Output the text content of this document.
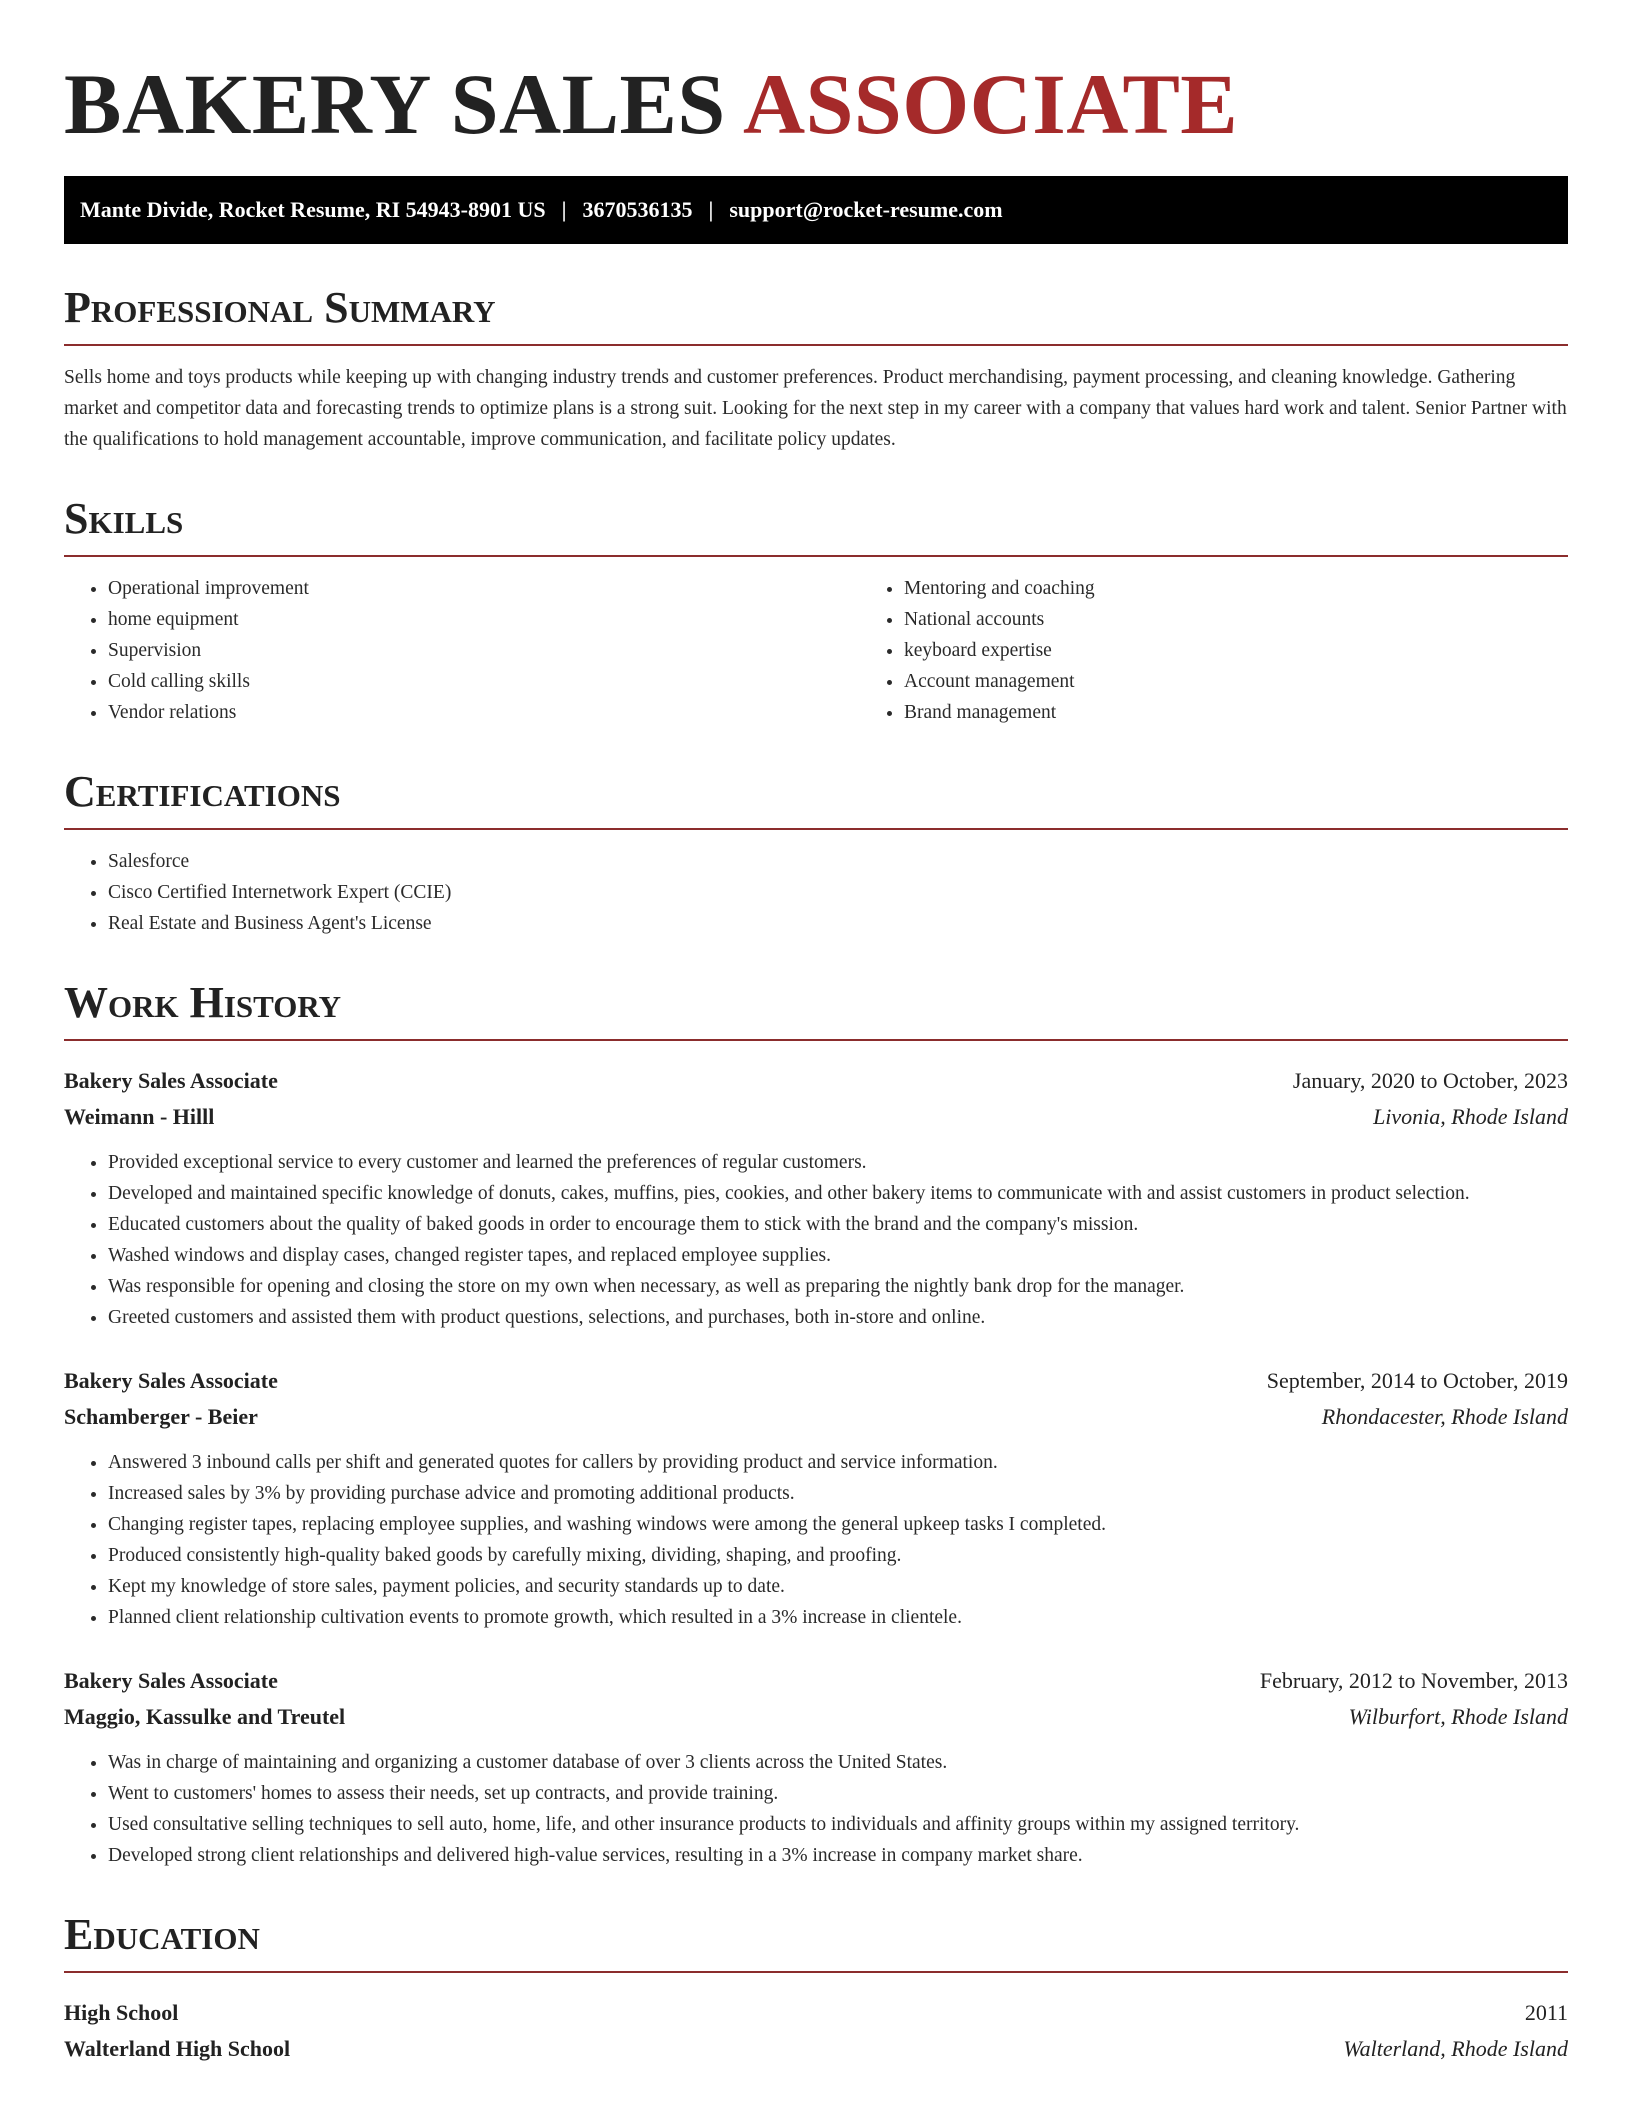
BAKERY SALES ASSOCIATE
Mante Divide, Rocket Resume, RI 54943-8901 US | 3670536135 | support@rocket-resume.com
Professional Summary

Sells home and toys products while keeping up with changing industry trends and customer preferences. Product merchandising, payment processing, and cleaning knowledge. Gathering market and competitor data and forecasting trends to optimize plans is a strong suit. Looking for the next step in my career with a company that values hard work and talent. Senior Partner with the qualifications to hold management accountable, improve communication, and facilitate policy updates.

Skills
• Operational improvement
• home equipment
• Supervision
• Cold calling skills
• Vendor relations
• Mentoring and coaching
• National accounts
• keyboard expertise
• Account management
• Brand management
Certifications
• Salesforce
• Cisco Certified Internetwork Expert (CCIE)
• Real Estate and Business Agent's License
Work History
Bakery Sales Associate	January, 2020 to October, 2023
Weimann - Hilll	Livonia, Rhode Island
• Provided exceptional service to every customer and learned the preferences of regular customers.
• Developed and maintained specific knowledge of donuts, cakes, muffins, pies, cookies, and other bakery items to communicate with and assist customers in product selection.
• Educated customers about the quality of baked goods in order to encourage them to stick with the brand and the company's mission.
• Washed windows and display cases, changed register tapes, and replaced employee supplies.
• Was responsible for opening and closing the store on my own when necessary, as well as preparing the nightly bank drop for the manager.
• Greeted customers and assisted them with product questions, selections, and purchases, both in-store and online.
Bakery Sales Associate	September, 2014 to October, 2019
Schamberger - Beier	Rhondacester, Rhode Island
• Answered 3 inbound calls per shift and generated quotes for callers by providing product and service information.
• Increased sales by 3% by providing purchase advice and promoting additional products.
• Changing register tapes, replacing employee supplies, and washing windows were among the general upkeep tasks I completed.
• Produced consistently high-quality baked goods by carefully mixing, dividing, shaping, and proofing.
• Kept my knowledge of store sales, payment policies, and security standards up to date.
• Planned client relationship cultivation events to promote growth, which resulted in a 3% increase in clientele.
Bakery Sales Associate	February, 2012 to November, 2013
Maggio, Kassulke and Treutel	Wilburfort, Rhode Island
• Was in charge of maintaining and organizing a customer database of over 3 clients across the United States.
• Went to customers' homes to assess their needs, set up contracts, and provide training.
• Used consultative selling techniques to sell auto, home, life, and other insurance products to individuals and affinity groups within my assigned territory.
• Developed strong client relationships and delivered high-value services, resulting in a 3% increase in company market share.
Education
High School	2011
Walterland High School	Walterland, Rhode Island
